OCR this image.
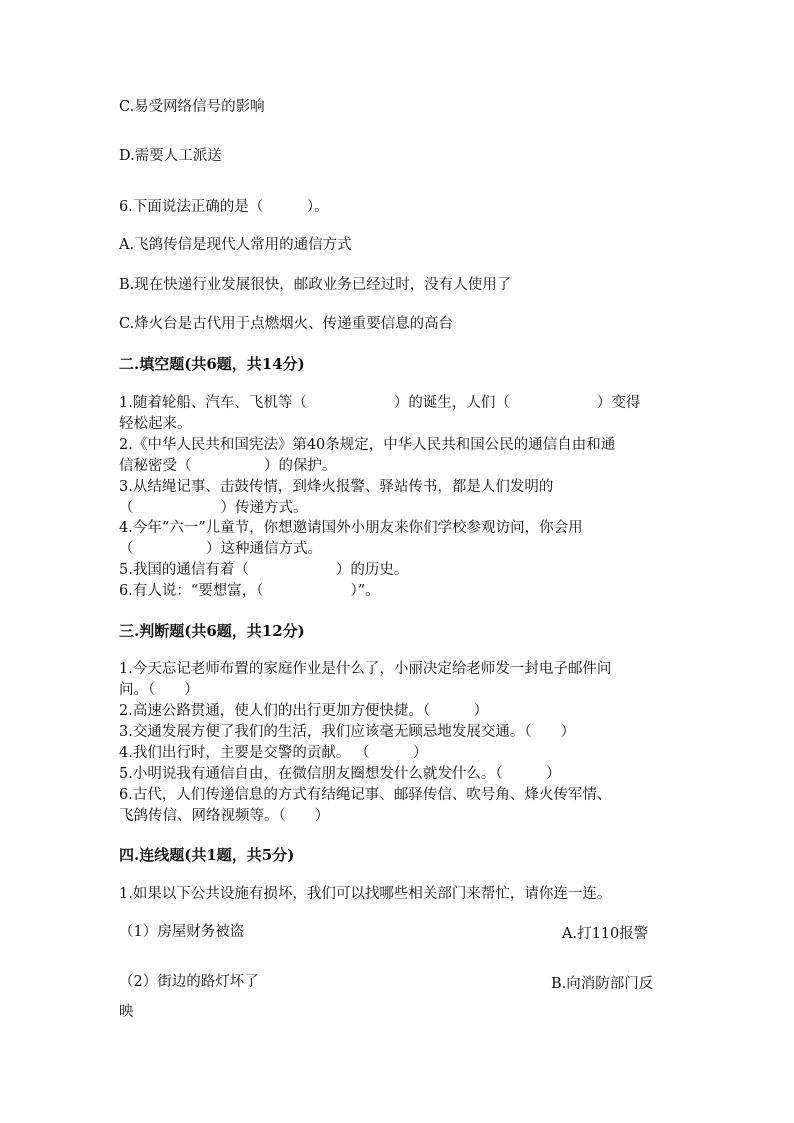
C.易受网络信号的影响
D.需要人工派送
6.下面说法正确的是（　　　）。
A.飞鸽传信是现代人常用的通信方式
B.现在快递行业发展很快，邮政业务已经过时，没有人使用了
C.烽火台是古代用于点燃烟火、传递重要信息的高台
二.填空题(共6题，共14分)
1.随着轮船、汽车、飞机等（　　　　　　）的诞生，人们（　　　　　　）变得
轻松起来。
2.《中华人民共和国宪法》第40条规定，中华人民共和国公民的通信自由和通
信秘密受（　　　　　）的保护。
3.从结绳记事、击鼓传情，到烽火报警、驿站传书，都是人们发明的
（　　　　　　）传递方式。
4.今年“六一”儿童节，你想邀请国外小朋友来你们学校参观访问，你会用
（　　　　　）这种通信方式。
5.我国的通信有着（　　　　　　）的历史。
6.有人说：“要想富，（　　　　　　）”。
三.判断题(共6题，共12分)
1.今天忘记老师布置的家庭作业是什么了，小丽决定给老师发一封电子邮件问
问。（　　）
2.高速公路贯通，使人们的出行更加方便快捷。（　　　）
3.交通发展方便了我们的生活，我们应该毫无顾忌地发展交通。（　　）
4.我们出行时，主要是交警的贡献。 （　　　）
5.小明说我有通信自由，在微信朋友圈想发什么就发什么。（　　　）
6.古代，人们传递信息的方式有结绳记事、邮驿传信、吹号角、烽火传军情、
飞鸽传信、网络视频等。（　　）
四.连线题(共1题，共5分)
1.如果以下公共设施有损坏，我们可以找哪些相关部门来帮忙，请你连一连。
（1）房屋财务被盗	A.打110报警
（2）街边的路灯坏了	B.向消防部门反
映
